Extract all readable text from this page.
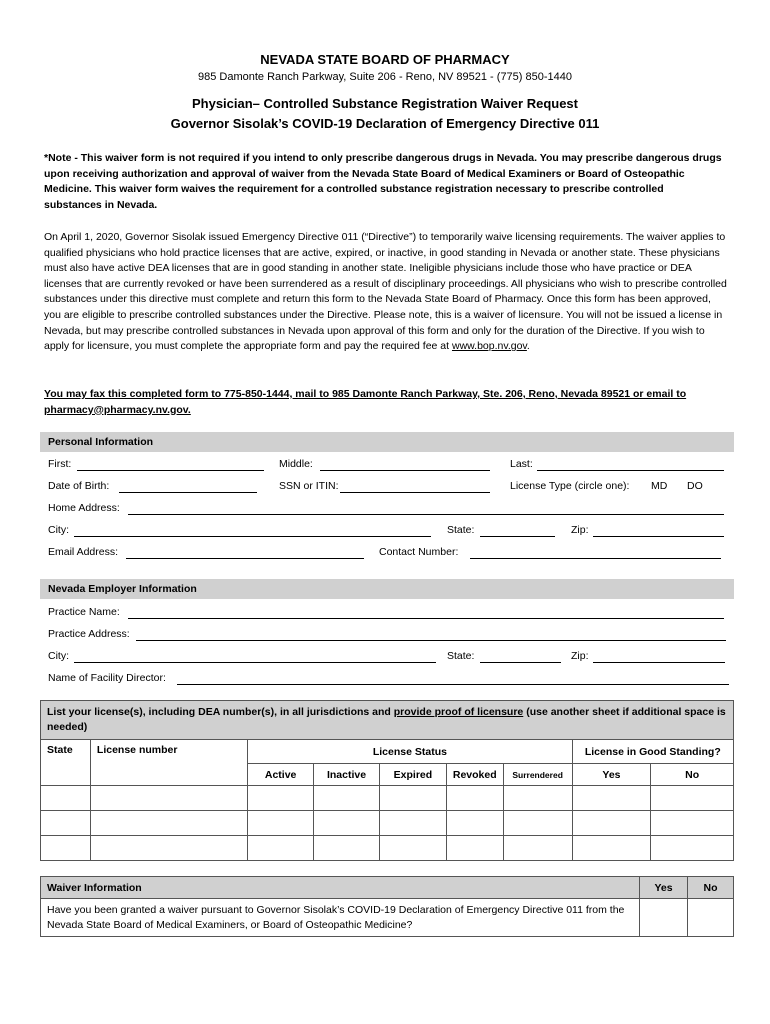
NEVADA STATE BOARD OF PHARMACY
985 Damonte Ranch Parkway, Suite 206 - Reno, NV 89521 - (775) 850-1440
Physician– Controlled Substance Registration Waiver Request
Governor Sisolak’s COVID-19 Declaration of Emergency Directive 011
*Note - This waiver form is not required if you intend to only prescribe dangerous drugs in Nevada. You may prescribe dangerous drugs upon receiving authorization and approval of waiver from the Nevada State Board of Medical Examiners or Board of Osteopathic Medicine. This waiver form waives the requirement for a controlled substance registration necessary to prescribe controlled substances in Nevada.
On April 1, 2020, Governor Sisolak issued Emergency Directive 011 (“Directive”) to temporarily waive licensing requirements. The waiver applies to qualified physicians who hold practice licenses that are active, expired, or inactive, in good standing in Nevada or another state. These physicians must also have active DEA licenses that are in good standing in another state. Ineligible physicians include those who have practice or DEA licenses that are currently revoked or have been surrendered as a result of disciplinary proceedings. All physicians who wish to prescribe controlled substances under this directive must complete and return this form to the Nevada State Board of Pharmacy. Once this form has been approved, you are eligible to prescribe controlled substances under the Directive. Please note, this is a waiver of licensure. You will not be issued a license in Nevada, but may prescribe controlled substances in Nevada upon approval of this form and only for the duration of the Directive. If you wish to apply for licensure, you must complete the appropriate form and pay the required fee at www.bop.nv.gov.
You may fax this completed form to 775-850-1444, mail to 985 Damonte Ranch Parkway, Ste. 206, Reno, Nevada 89521 or email to pharmacy@pharmacy.nv.gov.
Personal Information
First:	Middle:	Last:
Date of Birth:	SSN or ITIN:	License Type (circle one): MD DO
Home Address:
City:	State:	Zip:
Email Address:	Contact Number:
Nevada Employer Information
Practice Name:
Practice Address:
City:	State:	Zip:
Name of Facility Director:
List your license(s), including DEA number(s), in all jurisdictions and provide proof of licensure (use another sheet if additional space is needed)								
State	License number	License Status					License in Good Standing?	
		Active	Inactive	Expired	Revoked	Surrendered	Yes	No

Waiver Information	Yes	No
Have you been granted a waiver pursuant to Governor Sisolak’s COVID-19 Declaration of Emergency Directive 011 from the Nevada State Board of Medical Examiners, or Board of Osteopathic Medicine?		
